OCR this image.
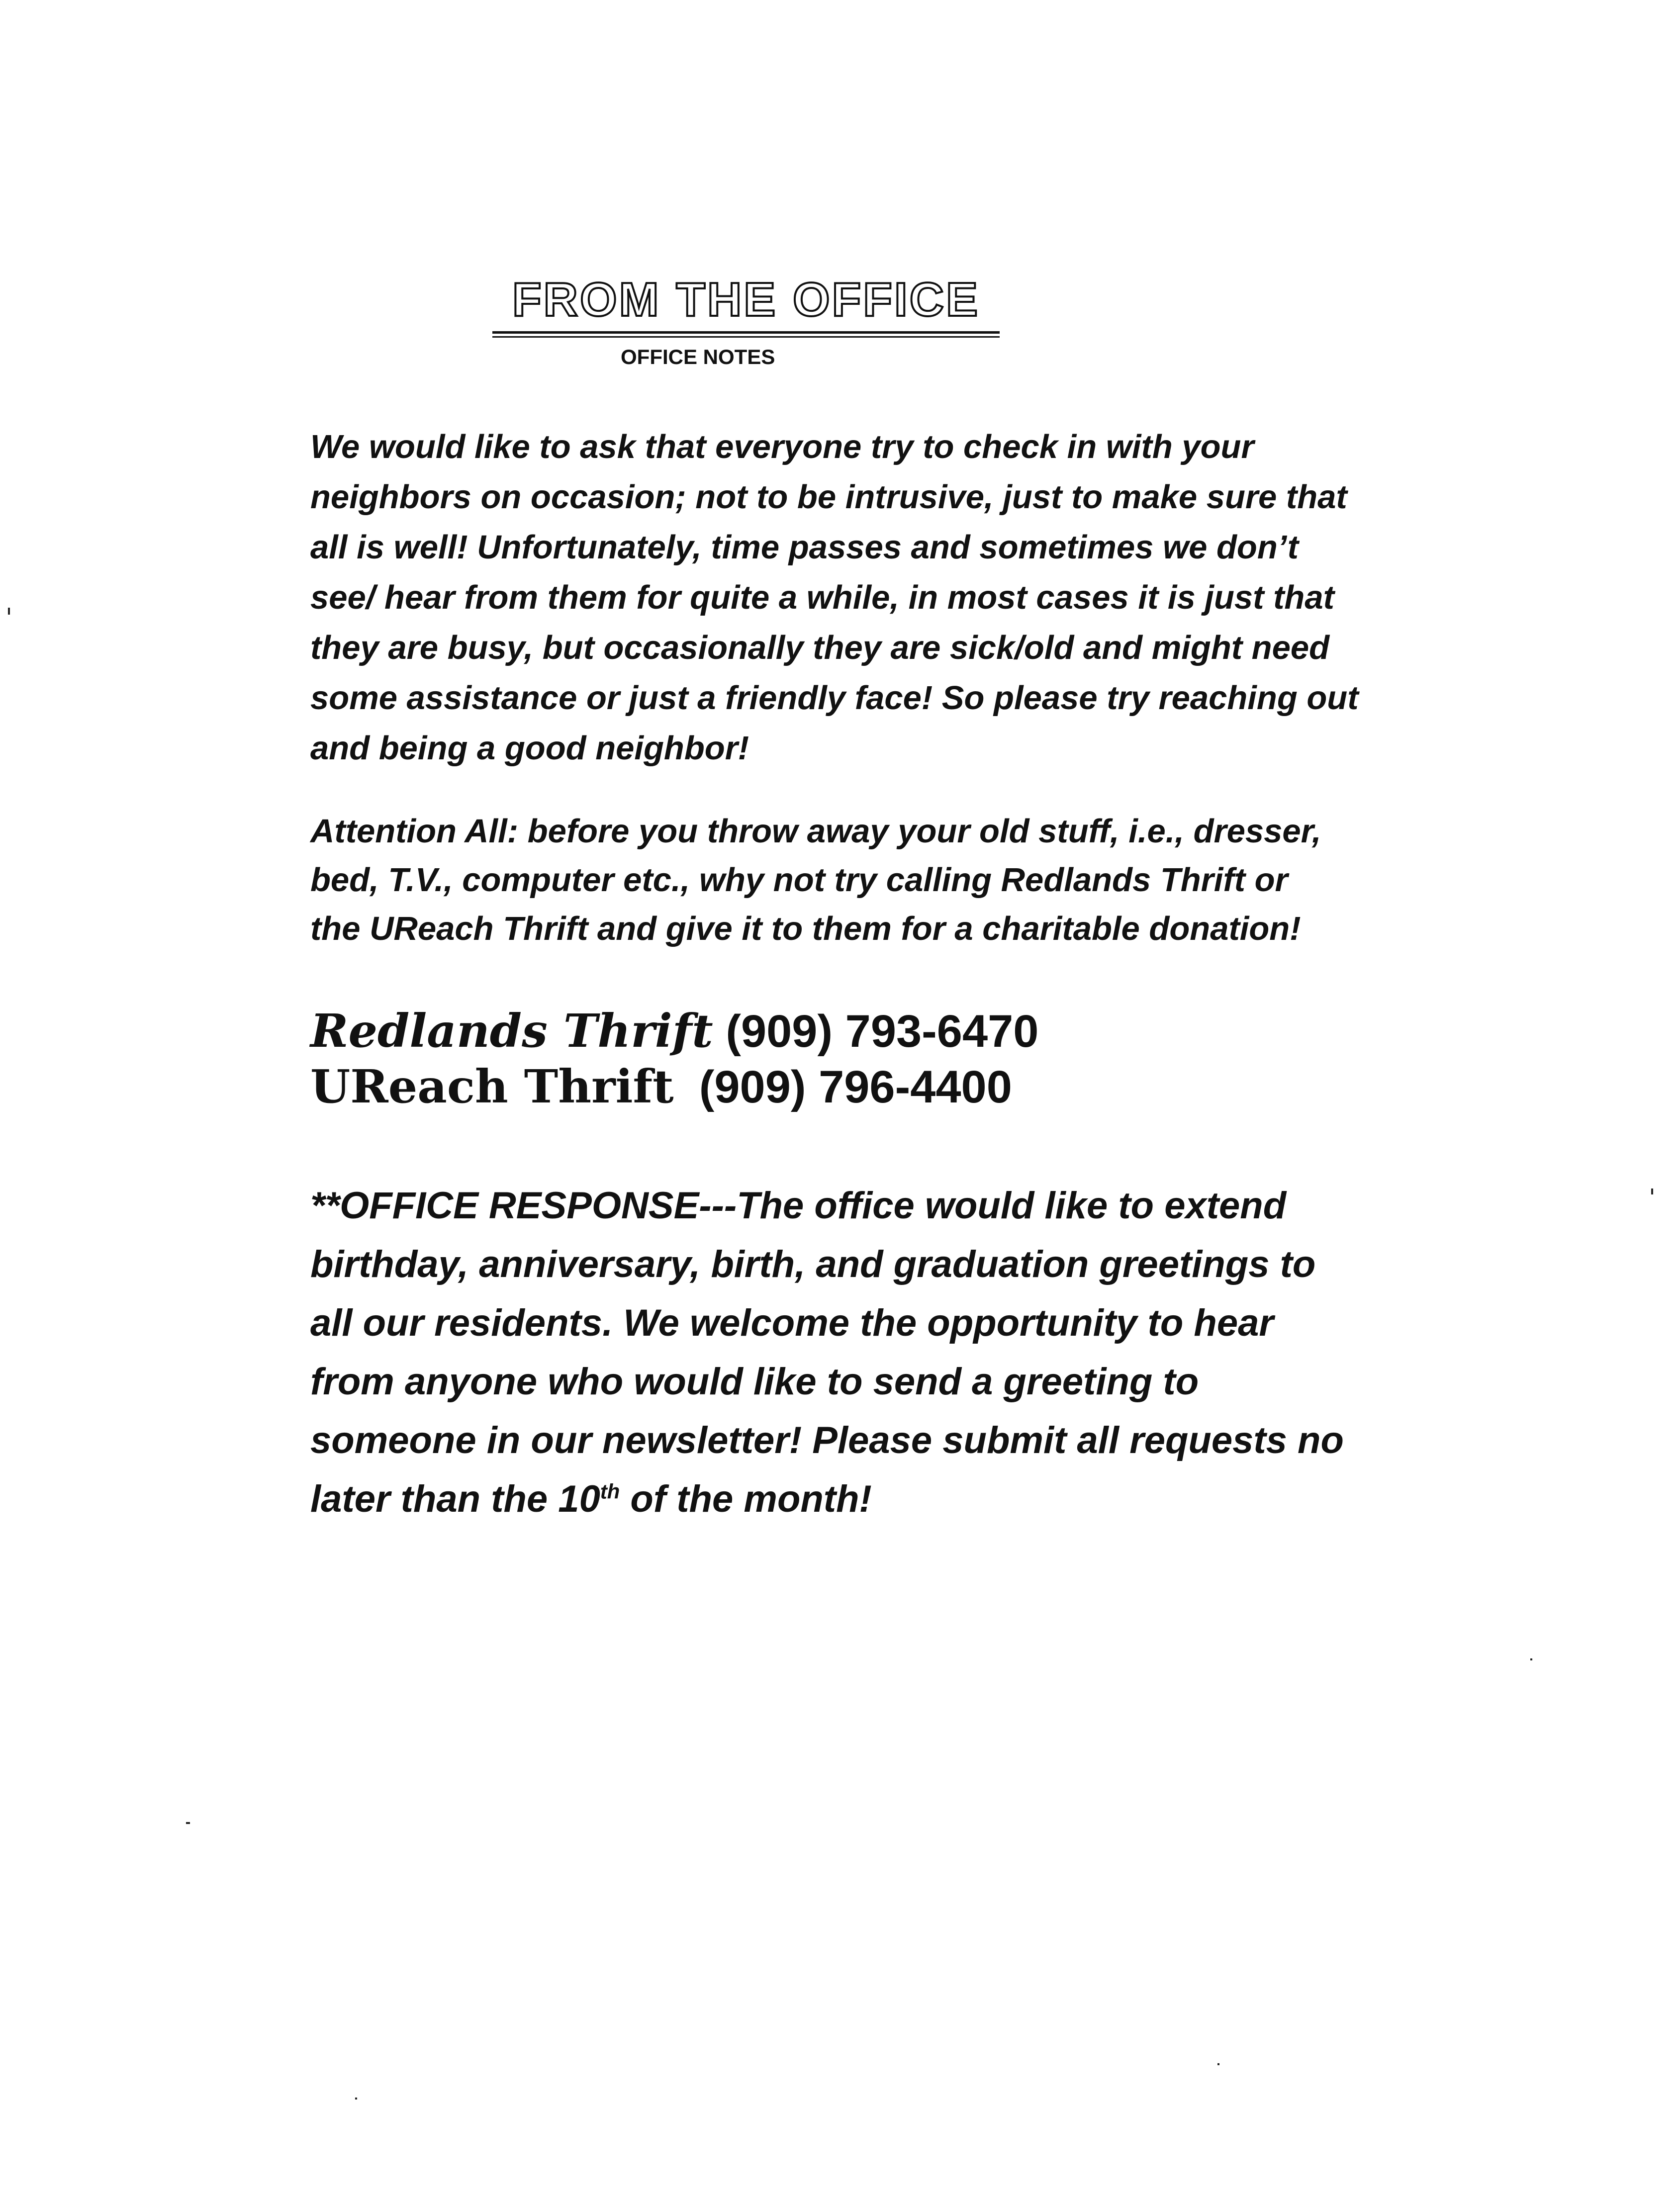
FROM THE OFFICE
OFFICE NOTES

We would like to ask that everyone try to check in with your
neighbors on occasion; not to be intrusive, just to make sure that
all is well! Unfortunately, time passes and sometimes we don’t
see/ hear from them for quite a while, in most cases it is just that
they are busy, but occasionally they are sick/old and might need
some assistance or just a friendly face! So please try reaching out
and being a good neighbor!

Attention All: before you throw away your old stuff, i.e., dresser,
bed, T.V., computer etc., why not try calling Redlands Thrift or
the UReach Thrift and give it to them for a charitable donation!

Redlands Thrift (909) 793-6470
UReach Thrift (909) 796-4400

**OFFICE RESPONSE---The office would like to extend
birthday, anniversary, birth, and graduation greetings to
all our residents. We welcome the opportunity to hear
from anyone who would like to send a greeting to
someone in our newsletter! Please submit all requests no
later than the 10th of the month!
